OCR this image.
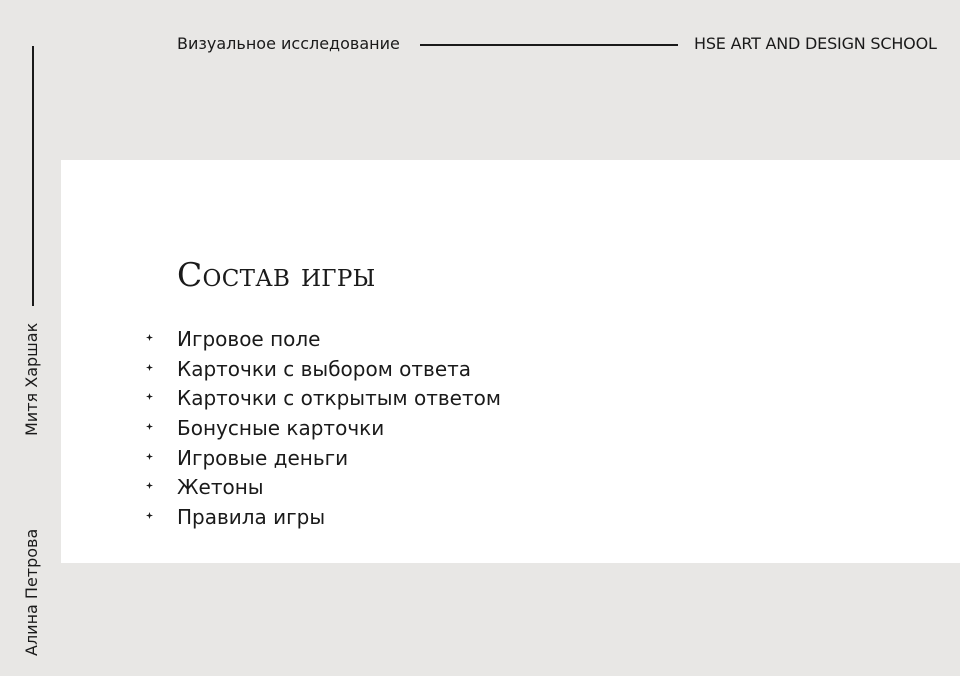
Визуальное исследование	HSE ART AND DESIGN SCHOOL
Митя Харшак
Алина Петрова
Состав игры
Игровое поле
Карточки с выбором ответа
Карточки с открытым ответом
Бонусные карточки
Игровые деньги
Жетоны
Правила игры
